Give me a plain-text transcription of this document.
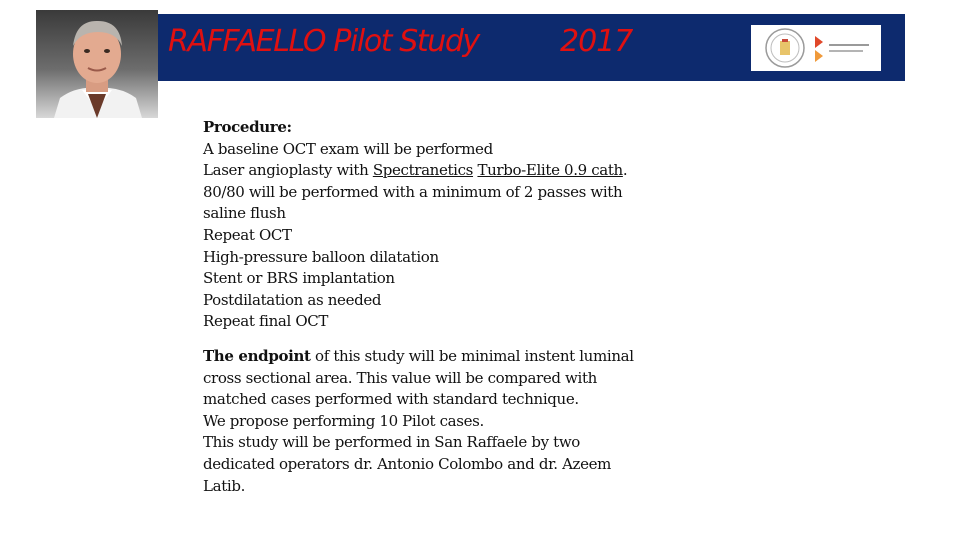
RAFFAELLO Pilot Study	2017
Procedure:
A baseline OCT exam will be performed
Laser angioplasty with Spectranetics Turbo-Elite 0.9 cath.
80/80 will be performed with a minimum of 2 passes with
saline flush
Repeat OCT
High-pressure balloon dilatation
Stent or BRS implantation
Postdilatation as needed
Repeat final OCT
The endpoint of this study will be minimal instent luminal
cross sectional area. This value will be compared with
matched cases performed with standard technique.
We propose performing 10 Pilot cases.
This study will be performed in San Raffaele by two
dedicated operators dr. Antonio Colombo and dr. Azeem
Latib.
